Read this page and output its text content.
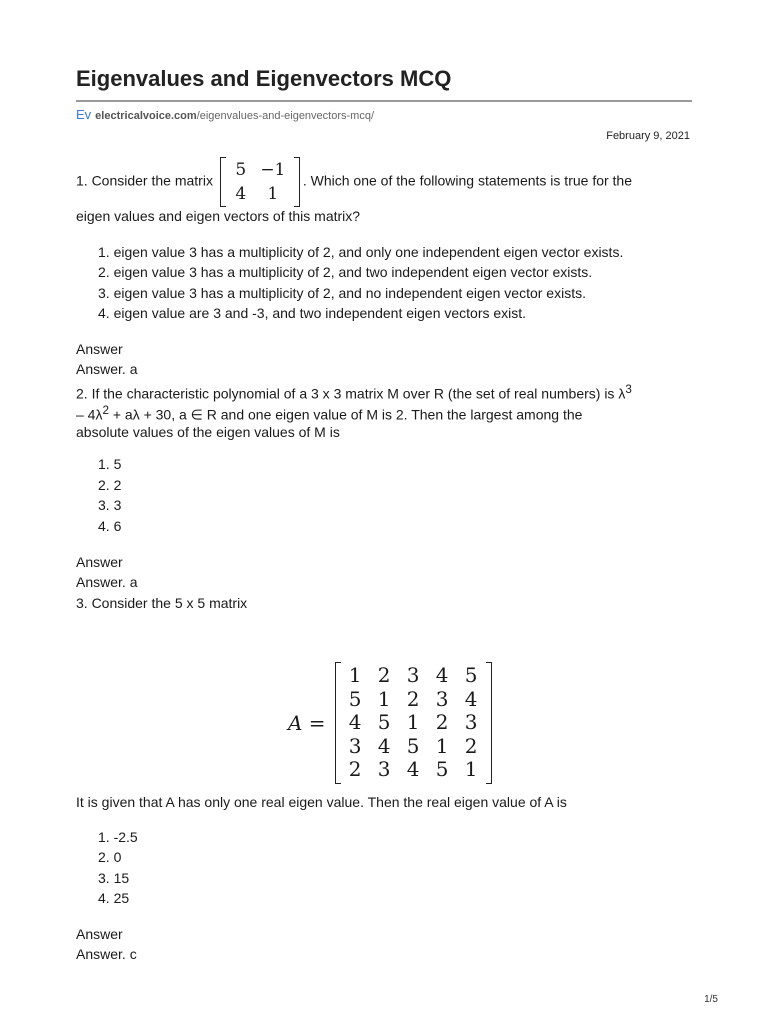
Eigenvalues and Eigenvectors MCQ
Ev electricalvoice.com/eigenvalues-and-eigenvectors-mcq/
February 9, 2021
1. Consider the matrix
5 −1
4	1
. Which one of the following statements is true for the
eigen values and eigen vectors of this matrix?
1. eigen value 3 has a multiplicity of 2, and only one independent eigen vector exists.
2. eigen value 3 has a multiplicity of 2, and two independent eigen vector exists.
3. eigen value 3 has a multiplicity of 2, and no independent eigen vector exists.
4. eigen value are 3 and -3, and two independent eigen vectors exist.
Answer
Answer. a
2. If the characteristic polynomial of a 3 x 3 matrix M over R (the set of real numbers) is $\lambda^3$
– $4\lambda^2 + a\lambda + 30$, a ∈ R and one eigen value of M is 2. Then the largest among the
absolute values of the eigen values of M is
1. 5
2. 2
3. 3
4. 6
Answer
Answer. a
3. Consider the 5 x 5 matrix
A =
1 2 3 4 5
5 1 2 3 4
4 5 1 2 3
3 4 5 1 2
2 3 4 5 1
It is given that A has only one real eigen value. Then the real eigen value of A is
1. -2.5
2. 0
3. 15
4. 25
Answer
Answer. c
1/5
